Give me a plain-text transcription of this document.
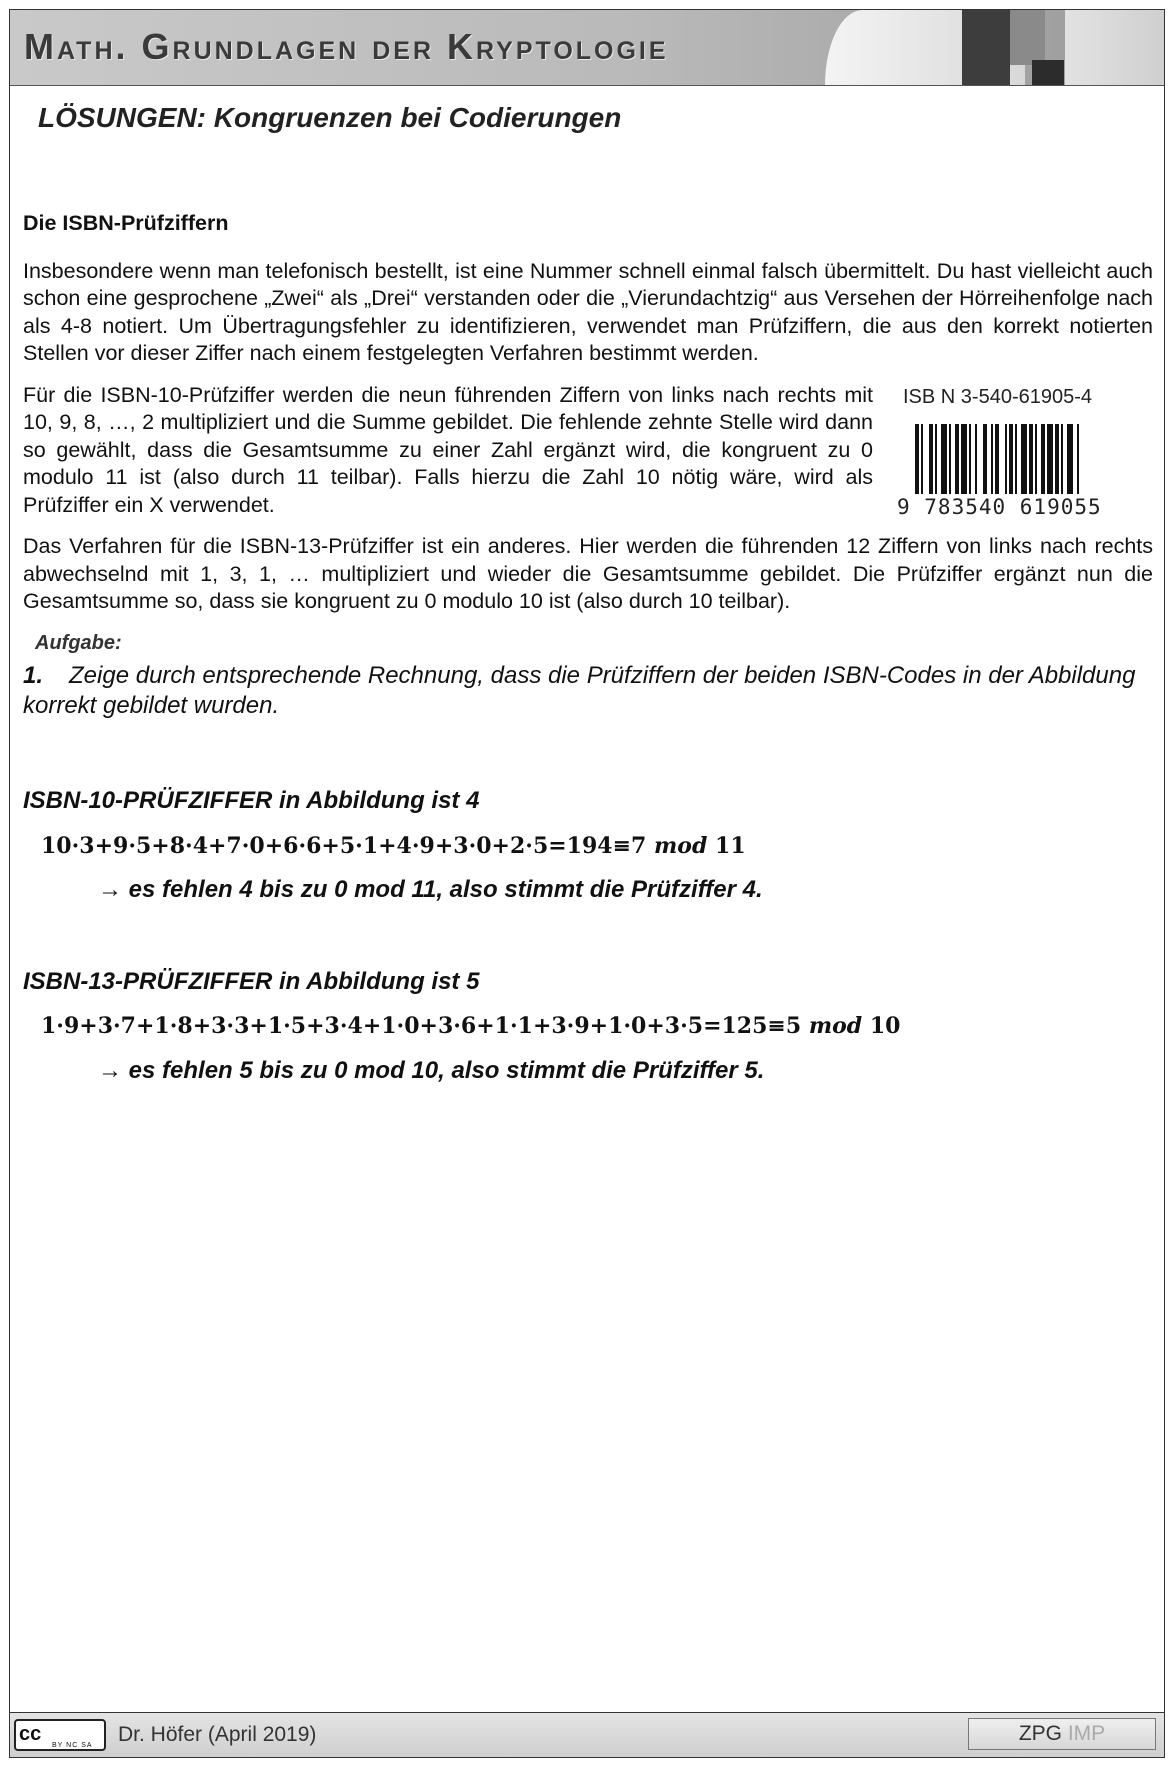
Math. Grundlagen der Kryptologie
LÖSUNGEN: Kongruenzen bei Codierungen
Die ISBN-Prüfziffern

Insbesondere wenn man telefonisch bestellt, ist eine Nummer schnell einmal falsch übermittelt. Du hast vielleicht auch schon eine gesprochene „Zwei“ als „Drei“ verstanden oder die „Vierundachtzig“ aus Versehen der Hörreihenfolge nach als 4-8 notiert. Um Übertragungsfehler zu identifizieren, verwendet man Prüfziffern, die aus den korrekt notierten Stellen vor dieser Ziffer nach einem festgelegten Verfahren bestimmt werden.

ISB N 3-540-61905-4
9 783540 619055

Für die ISBN-10-Prüfziffer werden die neun führenden Ziffern von links nach rechts mit 10, 9, 8, …, 2 multipliziert und die Summe gebildet. Die fehlende zehnte Stelle wird dann so gewählt, dass die Gesamtsumme zu einer Zahl ergänzt wird, die kongruent zu 0 modulo 11 ist (also durch 11 teilbar). Falls hierzu die Zahl 10 nötig wäre, wird als Prüfziffer ein X verwendet.

Das Verfahren für die ISBN-13-Prüfziffer ist ein anderes. Hier werden die führenden 12 Ziffern von links nach rechts abwechselnd mit 1, 3, 1, … multipliziert und wieder die Gesamtsumme gebildet. Die Prüfziffer ergänzt nun die Gesamtsumme so, dass sie kongruent zu 0 modulo 10 ist (also durch 10 teilbar).

Aufgabe:
1. Zeige durch entsprechende Rechnung, dass die Prüfziffern der beiden ISBN-Codes in der Abbildung korrekt gebildet wurden.
ISBN-10-PRÜFZIFFER in Abbildung ist 4
10·3+9·5+8·4+7·0+6·6+5·1+4·9+3·0+2·5=194≡7 mod 11
→ es fehlen 4 bis zu 0 mod 11, also stimmt die Prüfziffer 4.
ISBN-13-PRÜFZIFFER in Abbildung ist 5
1·9+3·7+1·8+3·3+1·5+3·4+1·0+3·6+1·1+3·9+1·0+3·5=125≡5 mod 10
→ es fehlen 5 bis zu 0 mod 10, also stimmt die Prüfziffer 5.
cc
BY NC SA Dr. Höfer (April 2019)	ZPG IMP
